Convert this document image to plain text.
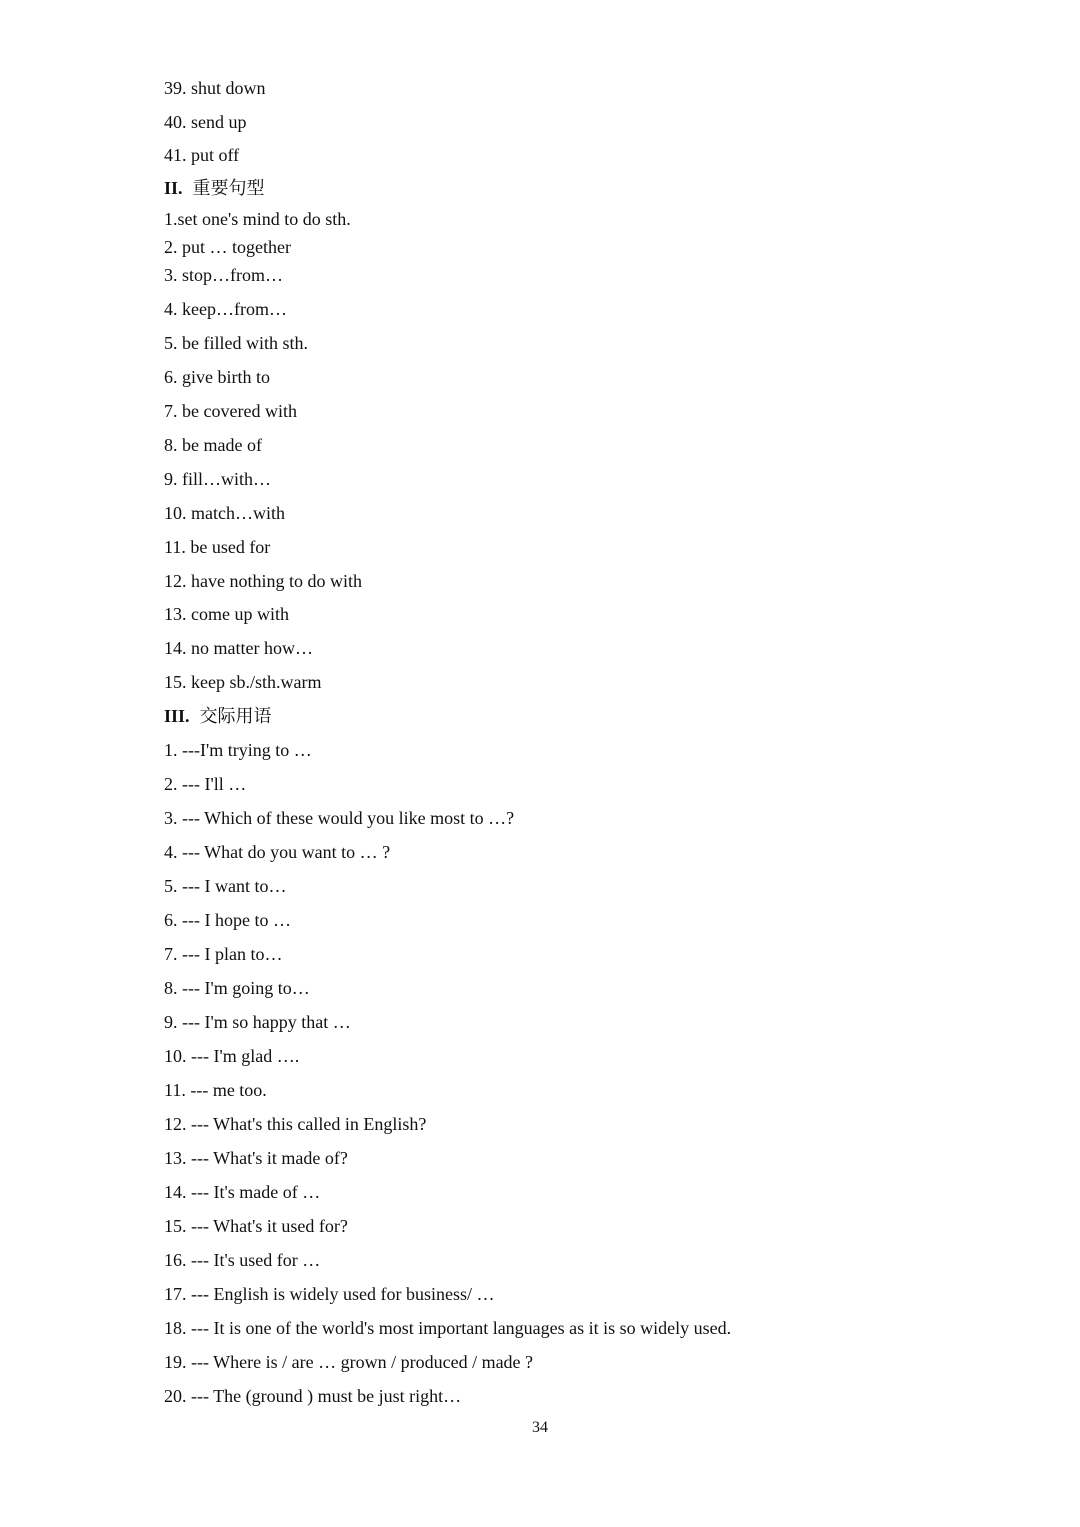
39. shut down
40. send up
41. put off
II. 重要句型
1.set one's mind to do sth.
2. put … together
3. stop…from…
4. keep…from…
5. be filled with sth.
6. give birth to
7. be covered with
8. be made of
9. fill…with…
10. match…with
11. be used for
12. have nothing to do with
13. come up with
14. no matter how…
15. keep sb./sth.warm
III. 交际用语
1. ---I'm trying to …
2. --- I'll …
3. --- Which of these would you like most to …?
4. --- What do you want to … ?
5. --- I want to…
6. --- I hope to …
7. --- I plan to…
8. --- I'm going to…
9. --- I'm so happy that …
10. --- I'm glad ….
11. --- me too.
12. --- What's this called in English?
13. --- What's it made of?
14. --- It's made of …
15. --- What's it used for?
16. --- It's used for …
17. --- English is widely used for business/ …
18. --- It is one of the world's most important languages as it is so widely used.
19. --- Where is / are … grown / produced / made ?
20. --- The (ground ) must be just right…
34
